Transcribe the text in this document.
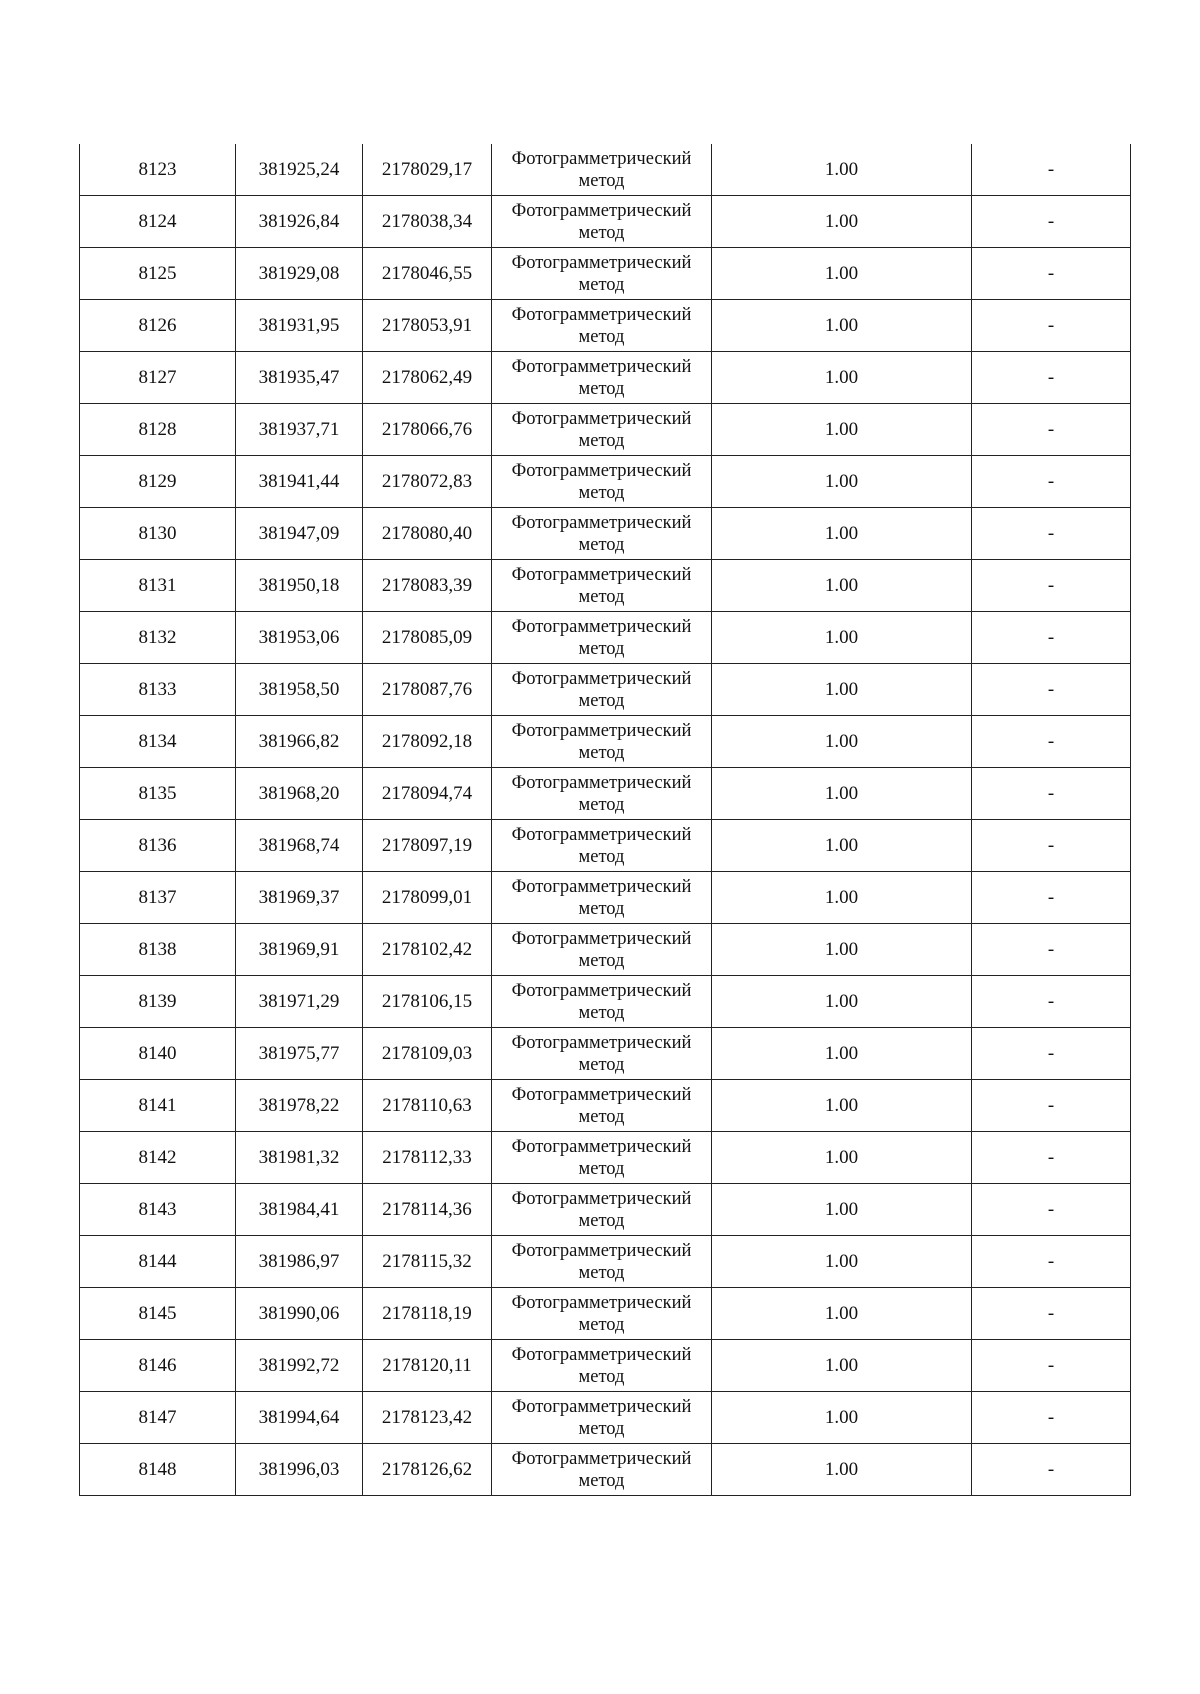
8123	381925,24	2178029,17	Фотограмметрический метод	1.00	-
8124	381926,84	2178038,34	Фотограмметрический метод	1.00	-
8125	381929,08	2178046,55	Фотограмметрический метод	1.00	-
8126	381931,95	2178053,91	Фотограмметрический метод	1.00	-
8127	381935,47	2178062,49	Фотограмметрический метод	1.00	-
8128	381937,71	2178066,76	Фотограмметрический метод	1.00	-
8129	381941,44	2178072,83	Фотограмметрический метод	1.00	-
8130	381947,09	2178080,40	Фотограмметрический метод	1.00	-
8131	381950,18	2178083,39	Фотограмметрический метод	1.00	-
8132	381953,06	2178085,09	Фотограмметрический метод	1.00	-
8133	381958,50	2178087,76	Фотограмметрический метод	1.00	-
8134	381966,82	2178092,18	Фотограмметрический метод	1.00	-
8135	381968,20	2178094,74	Фотограмметрический метод	1.00	-
8136	381968,74	2178097,19	Фотограмметрический метод	1.00	-
8137	381969,37	2178099,01	Фотограмметрический метод	1.00	-
8138	381969,91	2178102,42	Фотограмметрический метод	1.00	-
8139	381971,29	2178106,15	Фотограмметрический метод	1.00	-
8140	381975,77	2178109,03	Фотограмметрический метод	1.00	-
8141	381978,22	2178110,63	Фотограмметрический метод	1.00	-
8142	381981,32	2178112,33	Фотограмметрический метод	1.00	-
8143	381984,41	2178114,36	Фотограмметрический метод	1.00	-
8144	381986,97	2178115,32	Фотограмметрический метод	1.00	-
8145	381990,06	2178118,19	Фотограмметрический метод	1.00	-
8146	381992,72	2178120,11	Фотограмметрический метод	1.00	-
8147	381994,64	2178123,42	Фотограмметрический метод	1.00	-
8148	381996,03	2178126,62	Фотограмметрический метод	1.00	-
